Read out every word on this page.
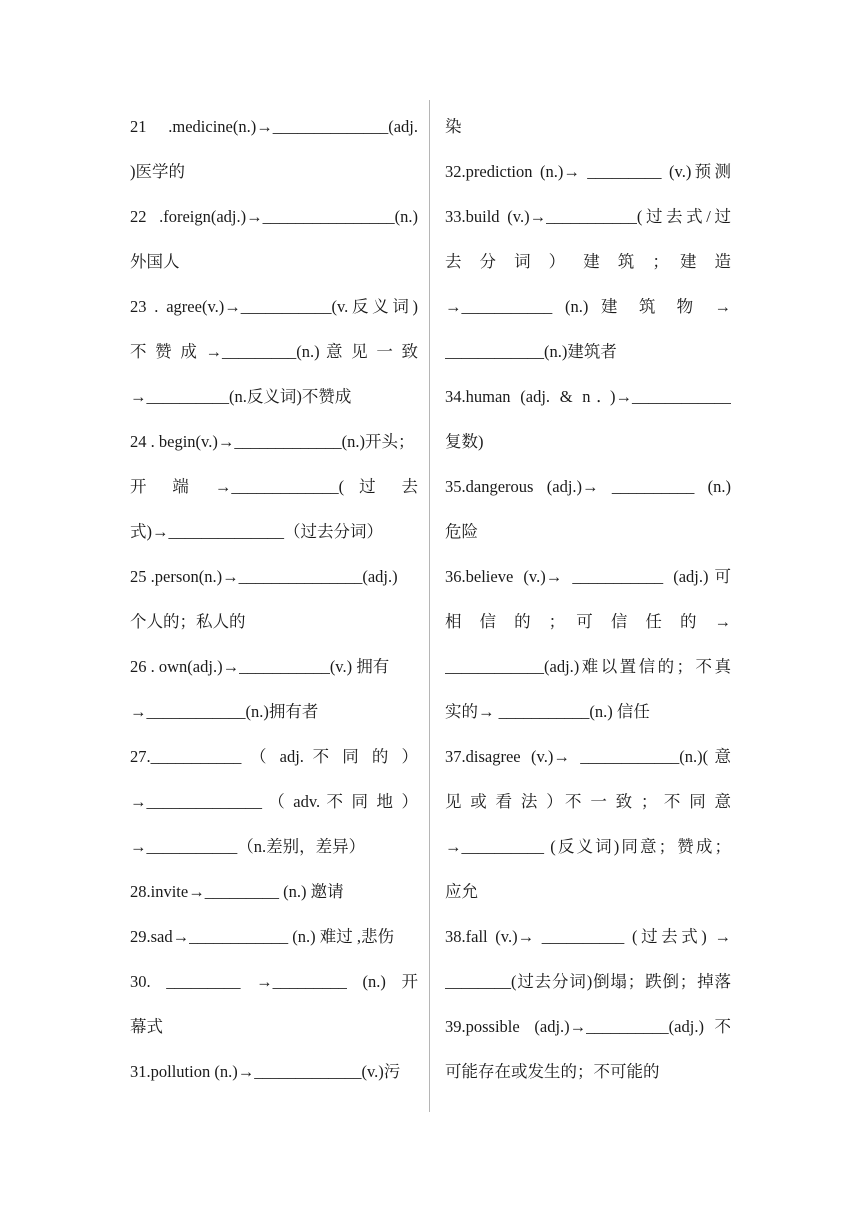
21 .medicine(n.)→______________(adj.
)医学的
22 .foreign(adj.)→________________(n.)
外国人
23 . agree(v.)→___________(v.反义词)
不 赞 成 →_________(n.) 意 见 一 致
→__________(n.反义词)不赞成
24 . begin(v.)→_____________(n.)开头；
开 端 →_____________( 过 去
式)→______________（过去分词）
25 .person(n.)→_______________(adj.)
个人的；私人的
26 . own(adj.)→___________(v.) 拥有
→____________(n.)拥有者
27.___________ （ adj. 不 同 的 ）
→______________ （ adv. 不 同 地 ）
→___________（n.差别，差异）
28.invite→_________ (n.) 邀请
29.sad→____________ (n.) 难过 ,悲伤
30. _________ →_________ (n.) 开
幕式
31.pollution (n.)→_____________(v.)污
染
32.prediction (n.)→ _________ (v.)预测
33.build (v.)→___________(过去式/过
去 分 词 ） 建 筑 ； 建 造
→___________ (n.) 建 筑 物 →
____________(n.)建筑者
34.human (adj. & n．)→____________
复数)
35.dangerous (adj.)→ __________ (n.)
危险
36.believe (v.)→ ___________ (adj.)可
相 信 的 ； 可 信 任 的 →
____________(adj.)难以置信的；不真
实的→ ___________(n.) 信任
37.disagree (v.)→ ____________(n.)(意
见 或 看 法 ）不 一 致 ； 不 同 意
→__________ (反义词)同意；赞成；
应允
38.fall (v.)→ __________ (过去式) →
________(过去分词)倒塌；跌倒；掉落
39.possible (adj.)→__________(adj.)不
可能存在或发生的；不可能的
